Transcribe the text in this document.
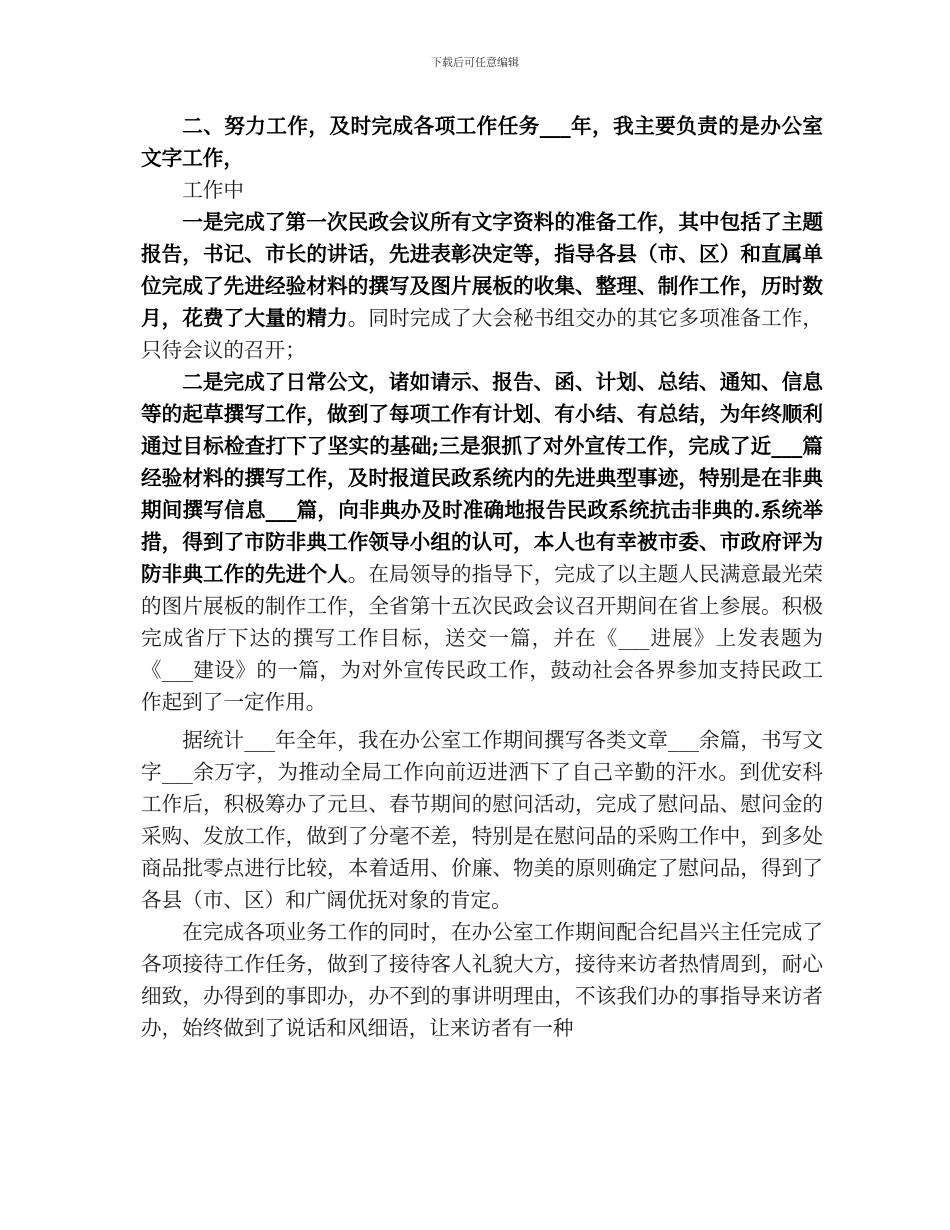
下载后可任意编辑

二、努力工作，及时完成各项工作任务___年，我主要负责的是办公室文字工作，

工作中

一是完成了第一次民政会议所有文字资料的准备工作，其中包括了主题报告，书记、市长的讲话，先进表彰决定等，指导各县（市、区）和直属单位完成了先进经验材料的撰写及图片展板的收集、整理、制作工作，历时数月，花费了大量的精力。同时完成了大会秘书组交办的其它多项准备工作，只待会议的召开；

二是完成了日常公文，诸如请示、报告、函、计划、总结、通知、信息等的起草撰写工作，做到了每项工作有计划、有小结、有总结，为年终顺利通过目标检查打下了坚实的基础;三是狠抓了对外宣传工作，完成了近___篇经验材料的撰写工作，及时报道民政系统内的先进典型事迹，特别是在非典期间撰写信息___篇，向非典办及时准确地报告民政系统抗击非典的.系统举措，得到了市防非典工作领导小组的认可，本人也有幸被市委、市政府评为防非典工作的先进个人。在局领导的指导下，完成了以主题人民满意最光荣的图片展板的制作工作，全省第十五次民政会议召开期间在省上参展。积极完成省厅下达的撰写工作目标，送交一篇，并在《___进展》上发表题为《___建设》的一篇，为对外宣传民政工作，鼓动社会各界参加支持民政工作起到了一定作用。

据统计___年全年，我在办公室工作期间撰写各类文章___余篇，书写文字___余万字，为推动全局工作向前迈进洒下了自己辛勤的汗水。到优安科工作后，积极筹办了元旦、春节期间的慰问活动，完成了慰问品、慰问金的采购、发放工作，做到了分毫不差，特别是在慰问品的采购工作中，到多处商品批零点进行比较，本着适用、价廉、物美的原则确定了慰问品，得到了各县（市、区）和广阔优抚对象的肯定。

在完成各项业务工作的同时，在办公室工作期间配合纪昌兴主任完成了各项接待工作任务，做到了接待客人礼貌大方，接待来访者热情周到，耐心细致，办得到的事即办，办不到的事讲明理由，不该我们办的事指导来访者办，始终做到了说话和风细语，让来访者有一种
